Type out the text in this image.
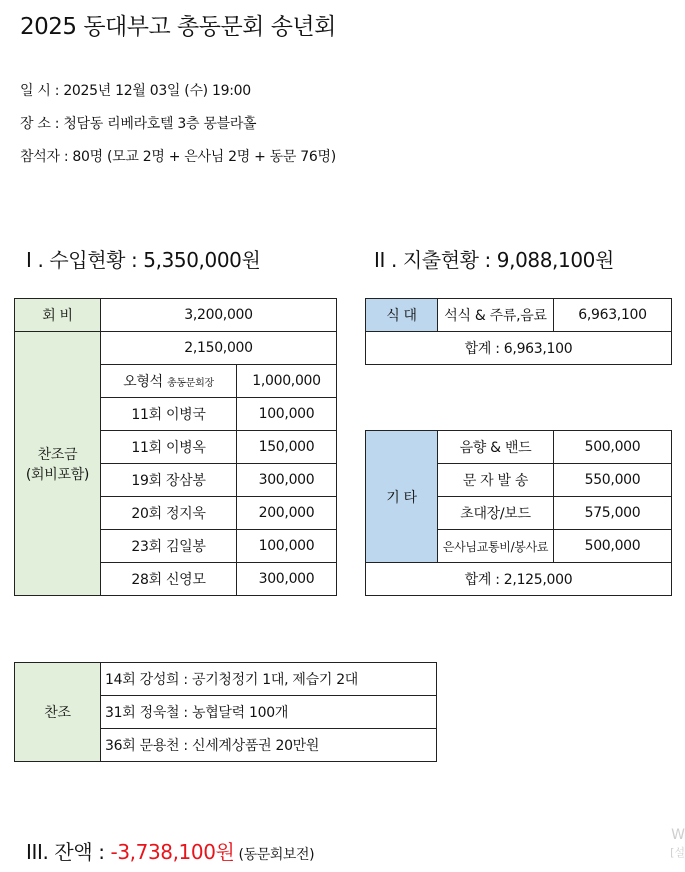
2025 동대부고 총동문회 송년회
일 시 : 2025년 12월 03일 (수) 19:00
장 소 : 청담동 리베라호텔 3층 몽블라홀
참석자 : 80명 (모교 2명 + 은사님 2명 + 동문 76명)
I . 수입현황 : 5,350,000원	II . 지출현황 : 9,088,100원
회 비	3,200,000	

찬조금
(회비포함)	2,150,000	
	오형석 총동문회장	1,000,000
	11회 이병국	100,000
	11회 이병옥	150,000
	19회 장삼봉	300,000
	20회 정지욱	200,000
	23회 김일봉	100,000
	28회 신영모	300,000
식 대	석식 & 주류,음료	6,963,100
합계 : 6,963,100
기 타	음향 & 밴드	500,000
	문 자 발 송	550,000
	초대장/보드	575,000
	은사님교통비/봉사료	500,000
합계 : 2,125,000		
찬조	14회 강성희 : 공기청정기 1대, 제습기 2대
31회 정욱철 : 농협달력 100개
36회 문용천 : 신세계상품권 20만원
III. 잔액 : -3,738,100원 (동문회보전)
W
[설
